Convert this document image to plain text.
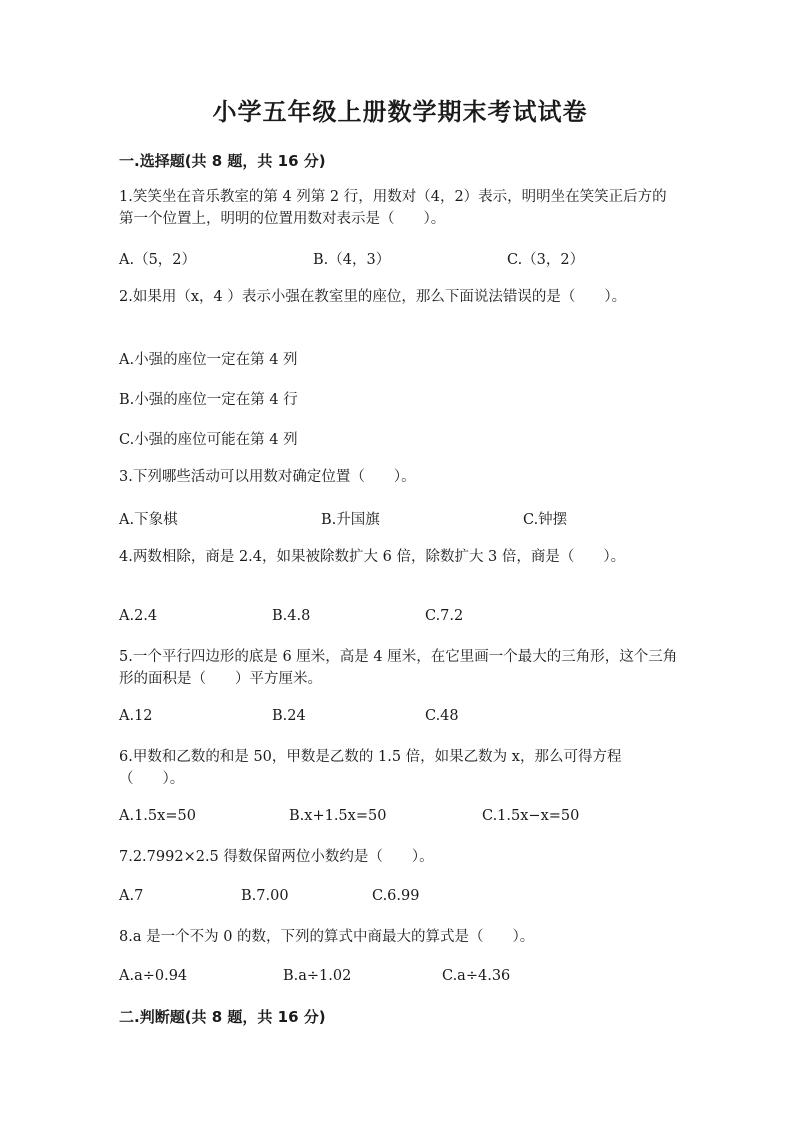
小学五年级上册数学期末考试试卷
一.选择题(共 8 题，共 16 分)
1.笑笑坐在音乐教室的第 4 列第 2 行，用数对（4，2）表示，明明坐在笑笑正后方的第一个位置上，明明的位置用数对表示是（　　）。
A.（5，2）	B.（4，3）	C.（3，2）
2.如果用（x，4 ）表示小强在教室里的座位，那么下面说法错误的是（　　）。
A.小强的座位一定在第 4 列
B.小强的座位一定在第 4 行
C.小强的座位可能在第 4 列
3.下列哪些活动可以用数对确定位置（　　）。
A.下象棋	B.升国旗	C.钟摆
4.两数相除，商是 2.4，如果被除数扩大 6 倍，除数扩大 3 倍，商是（　　）。
A.2.4	B.4.8	C.7.2
5.一个平行四边形的底是 6 厘米，高是 4 厘米，在它里画一个最大的三角形，这个三角形的面积是（　　）平方厘米。
A.12	B.24	C.48
6.甲数和乙数的和是 50，甲数是乙数的 1.5 倍，如果乙数为 x，那么可得方程（　　）。
A.1.5x=50	B.x+1.5x=50	C.1.5x−x=50
7.2.7992×2.5 得数保留两位小数约是（　　）。
A.7	B.7.00	C.6.99
8.a 是一个不为 0 的数，下列的算式中商最大的算式是（　　）。
A.a÷0.94	B.a÷1.02	C.a÷4.36
二.判断题(共 8 题，共 16 分)
